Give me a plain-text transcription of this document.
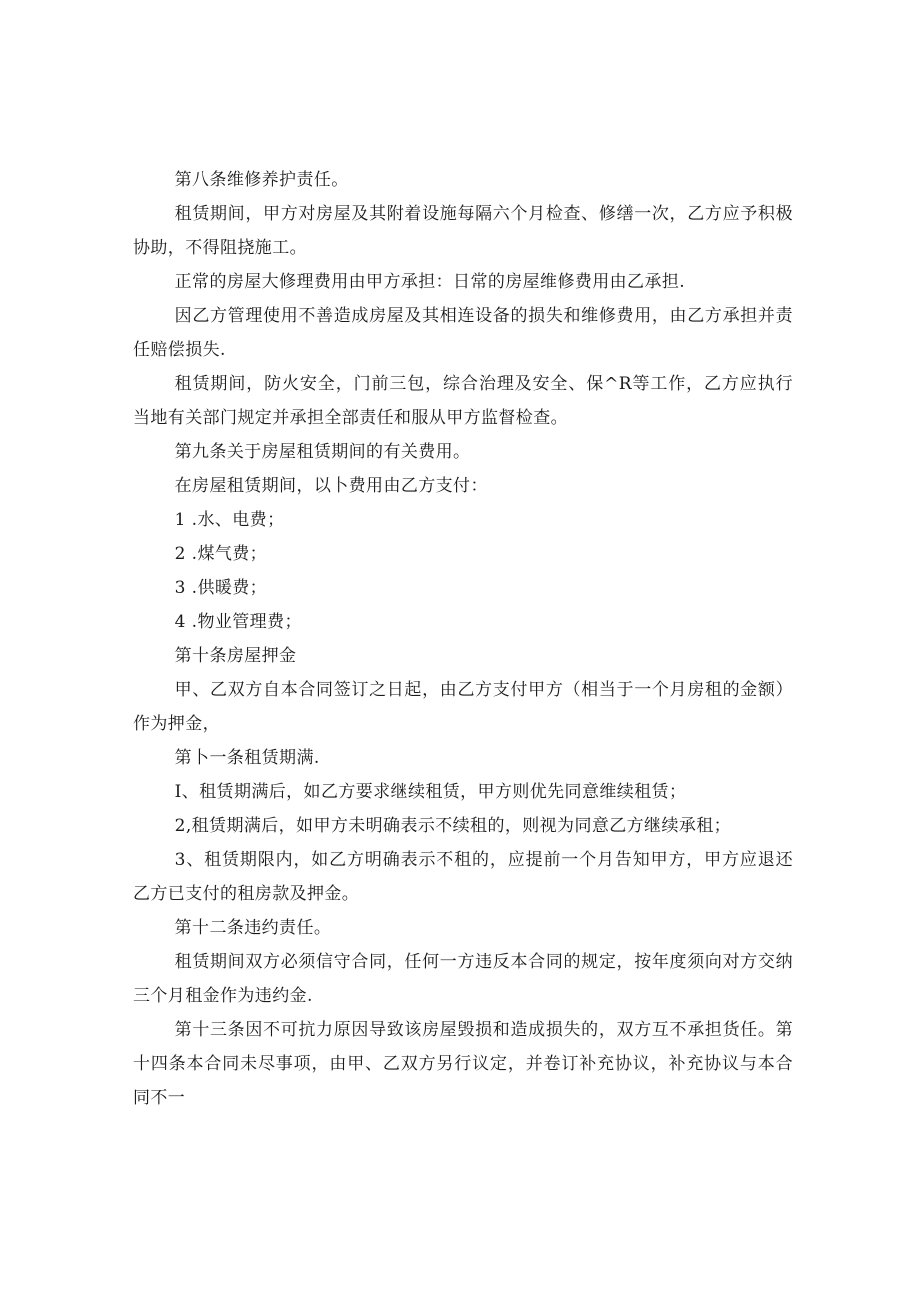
第八条维修养护责任。

租赁期间，甲方对房屋及其附着设施每隔六个月检查、修缮一次，乙方应予积极协助，不得阻挠施工。

正常的房屋大修理费用由甲方承担：日常的房屋维修费用由乙承担.

因乙方管理使用不善造成房屋及其相连设备的损失和维修费用，由乙方承担并责任赔偿损失.

租赁期间，防火安全，门前三包，综合治理及安全、保^R等工作，乙方应执行当地有关部门规定并承担全部责任和服从甲方监督检查。

第九条关于房屋租赁期间的有关费用。

在房屋租赁期间，以卜费用由乙方支付：

1 .水、电费；

2 .煤气费；

3 .供暖费；

4 .物业管理费；

第十条房屋押金

甲、乙双方自本合同签订之日起，由乙方支付甲方（相当于一个月房租的金额）作为押金，

第卜一条租赁期满.

I、租赁期满后，如乙方要求继续租赁，甲方则优先同意维续租赁；

2,租赁期满后，如甲方未明确表示不续租的，则视为同意乙方继续承租；

3、租赁期限内，如乙方明确表示不租的，应提前一个月告知甲方，甲方应退还乙方已支付的租房款及押金。

第十二条违约责任。

租赁期间双方必须信守合同，任何一方违反本合同的规定，按年度须向对方交纳三个月租金作为违约金.

第十三条因不可抗力原因导致该房屋毁损和造成损失的，双方互不承担货任。第十四条本合同未尽事项，由甲、乙双方另行议定，并卷订补充协议，补充协议与本合同不一
